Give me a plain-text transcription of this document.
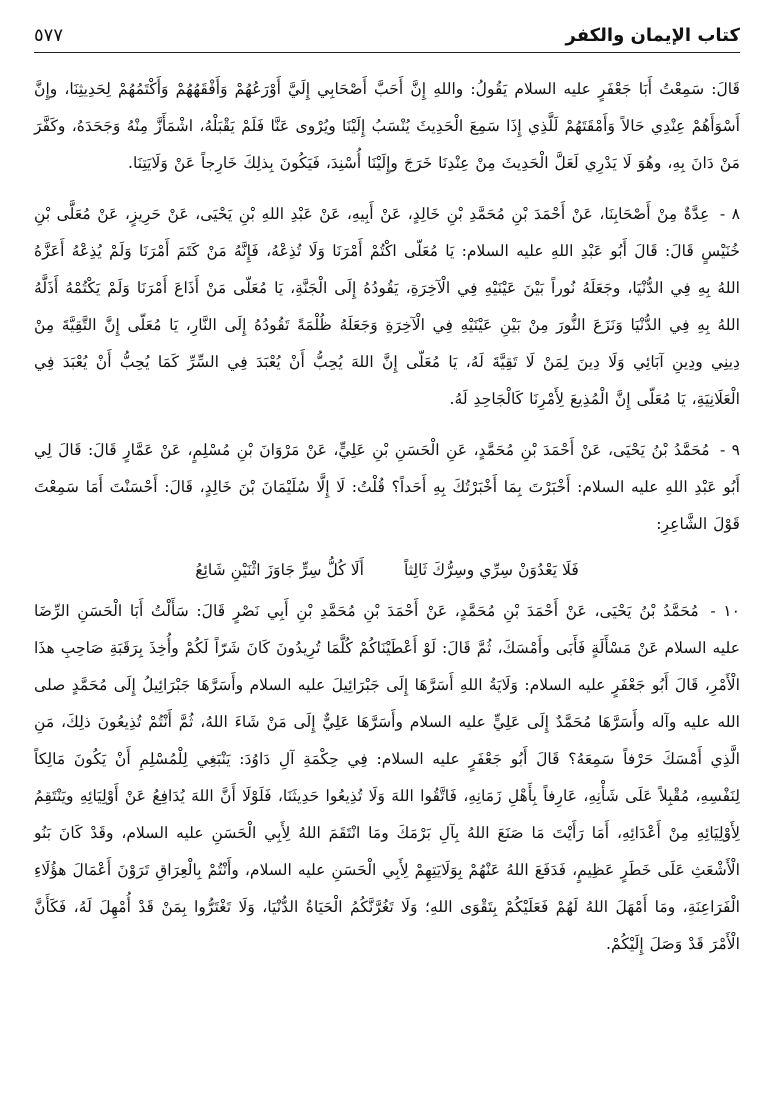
كتاب الإيمان والكفر
٥٧٧

قَالَ: سَمِعْتُ أَبَا جَعْفَرٍ عليه السلام يَقُولُ: واللهِ إِنَّ أَحَبَّ أَصْحَابِي إِلَيَّ أَوْرَعُهُمْ وَأَفْقَهُهُمْ وَأَكْتَمُهُمْ لِحَدِيثِنَا، وإِنَّ أَسْوَأَهُمْ عِنْدِي حَالاً وَأَمْقَتَهُمْ لَلَّذِي إِذَا سَمِعَ الْحَدِيثَ يُنْسَبُ إِلَيْنَا ويُرْوى عَنَّا فَلَمْ يَقْبَلْهُ، اشْمَأَزَّ مِنْهُ وَجَحَدَهُ، وكَفَّرَ مَنْ دَانَ بِهِ، وهُوَ لَا يَدْرِي لَعَلَّ الْحَدِيثَ مِنْ عِنْدِنَا خَرَجَ وإِلَيْنَا أُسْنِدَ، فَيَكُونَ بِذلِكَ خَارِجاً عَنْ وَلَايَتِنَا.

٨ - عِدَّةٌ مِنْ أَصْحَابِنَا، عَنْ أَحْمَدَ بْنِ مُحَمَّدِ بْنِ خَالِدٍ، عَنْ أَبِيهِ، عَنْ عَبْدِ اللهِ بْنِ يَحْيَى، عَنْ حَرِيزٍ، عَنْ مُعَلَّى بْنِ خُنَيْسٍ قَالَ: قَالَ أَبُو عَبْدِ اللهِ عليه السلام: يَا مُعَلّى اكْتُمْ أَمْرَنَا وَلَا تُذِعْهُ، فَإِنَّهُ مَنْ كَتَمَ أَمْرَنَا وَلَمْ يُذِعْهُ أَعَزَّهُ اللهُ بِهِ فِي الدُّنْيَا، وجَعَلَهُ نُوراً بَيْنَ عَيْنَيْهِ فِي الْآخِرَةِ، يَقُودُهُ إِلَى الْجَنَّةِ، يَا مُعَلّى مَنْ أَذَاعَ أَمْرَنَا وَلَمْ يَكْتُمْهُ أَذَلَّهُ اللهُ بِهِ فِي الدُّنْيَا وَنَزَعَ النُّورَ مِنْ بَيْنِ عَيْنَيْهِ فِي الْآخِرَةِ وَجَعَلَهُ ظُلْمَةً تَقُودُهُ إِلَى النَّارِ، يَا مُعَلّى إِنَّ التَّقِيَّةَ مِنْ دِينِي ودِينِ آبَائِي وَلَا دِينَ لِمَنْ لَا تَقِيَّةَ لَهُ، يَا مُعَلّى إِنَّ اللهَ يُحِبُّ أَنْ يُعْبَدَ فِي السِّرِّ كَمَا يُحِبُّ أَنْ يُعْبَدَ فِي الْعَلَانِيَةِ، يَا مُعَلّى إِنَّ الْمُذِيعَ لِأَمْرِنَا كَالْجَاحِدِ لَهُ.

٩ - مُحَمَّدُ بْنُ يَحْيَى، عَنْ أَحْمَدَ بْنِ مُحَمَّدٍ، عَنِ الْحَسَنِ بْنِ عَلِيٍّ، عَنْ مَرْوَانَ بْنِ مُسْلِمٍ، عَنْ عَمَّارٍ قَالَ: قَالَ لِي أَبُو عَبْدِ اللهِ عليه السلام: أَخْبَرْتَ بِمَا أَخْبَرْتُكَ بِهِ أَحَداً؟ قُلْتُ: لَا إِلَّا سُلَيْمَانَ بْنَ خَالِدٍ، قَالَ: أَحْسَنْتَ أَمَا سَمِعْتَ قَوْلَ الشَّاعِرِ:

فَلَا يَعْدُوَنْ سِرِّي وسِرُّكَ ثَالِثاً
أَلَا كُلُّ سِرٍّ جَاوَزَ اثْنَيْنِ شَائِعُ

١٠ - مُحَمَّدُ بْنُ يَحْيَى، عَنْ أَحْمَدَ بْنِ مُحَمَّدٍ، عَنْ أَحْمَدَ بْنِ مُحَمَّدِ بْنِ أَبِي نَصْرٍ قَالَ: سَأَلْتُ أَبَا الْحَسَنِ الرِّضَا عليه السلام عَنْ مَسْأَلَةٍ فَأَبَى وأَمْسَكَ، ثُمَّ قَالَ: لَوْ أَعْطَيْنَاكُمْ كُلَّمَا تُرِيدُونَ كَانَ شَرّاً لَكُمْ وأُخِذَ بِرَقَبَةِ صَاحِبِ هذَا الْأَمْرِ، قَالَ أَبُو جَعْفَرٍ عليه السلام: وَلَايَةُ اللهِ أَسَرَّهَا إِلَى جَبْرَائِيلَ عليه السلام وأَسَرَّهَا جَبْرَائِيلُ إِلَى مُحَمَّدٍ صلى الله عليه وآله وأَسَرَّهَا مُحَمَّدٌ إِلَى عَلِيٍّ عليه السلام وأَسَرَّهَا عَلِيٌّ إِلَى مَنْ شَاءَ اللهُ، ثُمَّ أَنْتُمْ تُذِيعُونَ ذلِكَ، مَنِ الَّذِي أَمْسَكَ حَرْفاً سَمِعَهُ؟ قَالَ أَبُو جَعْفَرٍ عليه السلام: فِي حِكْمَةِ آلِ دَاوُدَ: يَنْبَغِي لِلْمُسْلِمِ أَنْ يَكُونَ مَالِكاً لِنَفْسِهِ، مُقْبِلاً عَلَى شَأْنِهِ، عَارِفاً بِأَهْلِ زَمَانِهِ، فَاتَّقُوا اللهَ وَلَا تُذِيعُوا حَدِيثَنَا، فَلَوْلَا أَنَّ اللهَ يُدَافِعُ عَنْ أَوْلِيَائِهِ ويَنْتَقِمُ لِأَوْلِيَائِهِ مِنْ أَعْدَائِهِ، أَمَا رَأَيْتَ مَا صَنَعَ اللهُ بِآلِ بَرْمَكَ ومَا انْتَقَمَ اللهُ لِأَبِي الْحَسَنِ عليه السلام، وقَدْ كَانَ بَنُو الْأَشْعَثِ عَلَى خَطَرٍ عَظِيمٍ، فَدَفَعَ اللهُ عَنْهُمْ بِوَلَايَتِهِمْ لِأَبِي الْحَسَنِ عليه السلام، وأَنْتُمْ بِالْعِرَاقِ تَرَوْنَ أَعْمَالَ هؤُلَاءِ الْفَرَاعِنَةِ، ومَا أَمْهَلَ اللهُ لَهُمْ فَعَلَيْكُمْ بِتَقْوَى اللهِ؛ وَلَا تَغُرَّنَّكُمُ الْحَيَاةُ الدُّنْيَا، وَلَا تَغْتَرُّوا بِمَنْ قَدْ أُمْهِلَ لَهُ، فَكَأَنَّ الْأَمْرَ قَدْ وَصَلَ إِلَيْكُمْ.
